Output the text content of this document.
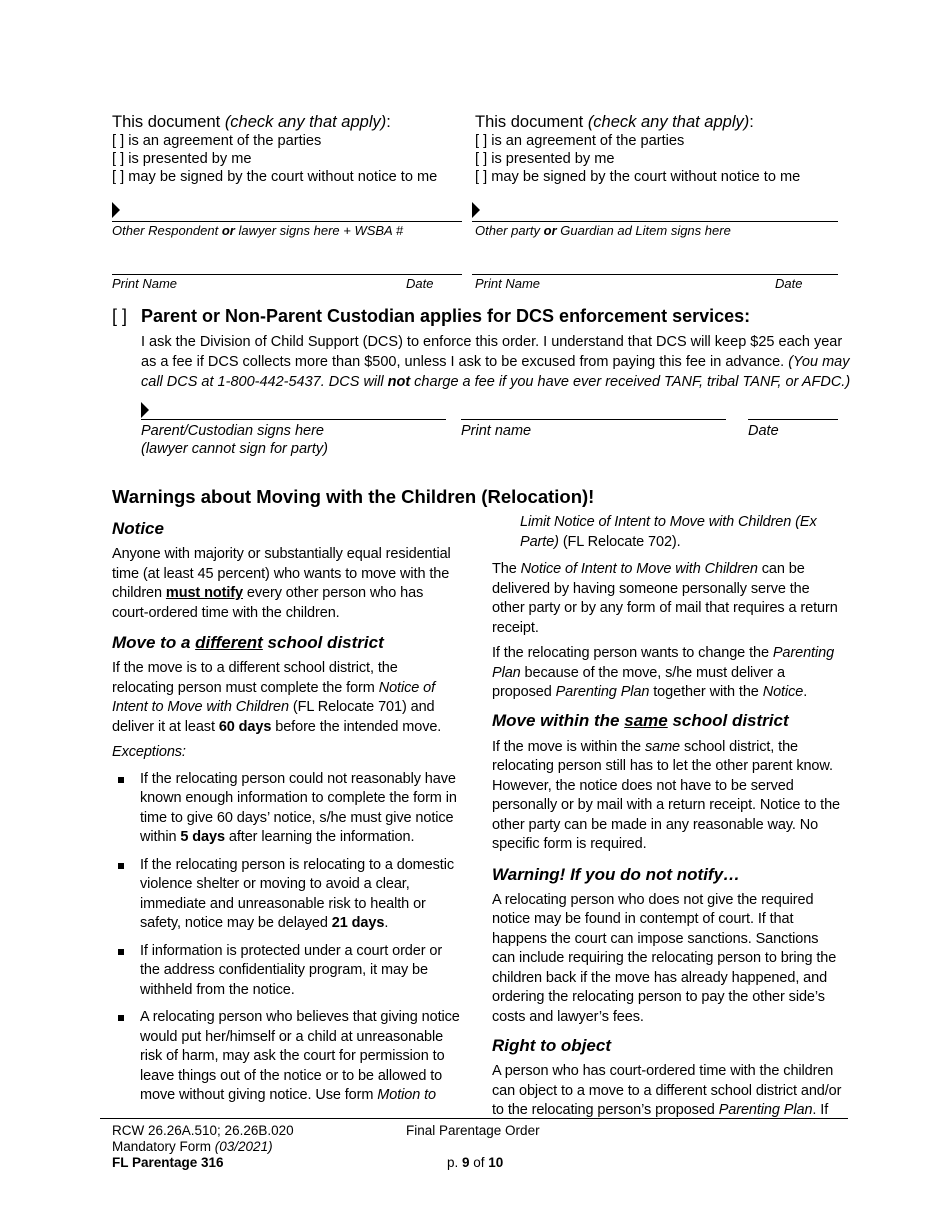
This document (check any that apply):
[ ] is an agreement of the parties
[ ] is presented by me
[ ] may be signed by the court without notice to me
Other Respondent or lawyer signs here + WSBA #
Print Name	Date
This document (check any that apply):
[ ] is an agreement of the parties
[ ] is presented by me
[ ] may be signed by the court without notice to me
Other party or Guardian ad Litem signs here
Print Name	Date
[ ] Parent or Non-Parent Custodian applies for DCS enforcement services:
I ask the Division of Child Support (DCS) to enforce this order. I understand that DCS will keep $25 each year
as a fee if DCS collects more than $500, unless I ask to be excused from paying this fee in advance. (You may
call DCS at 1-800-442-5437. DCS will not charge a fee if you have ever received TANF, tribal TANF, or AFDC.)
Parent/Custodian signs here
(lawyer cannot sign for party)
Print name	Date
Warnings about Moving with the Children (Relocation)!
Notice
Anyone with majority or substantially equal residential time (at least 45 percent) who wants to move with the children must notify every other person who has court-ordered time with the children.
Move to a different school district
If the move is to a different school district, the relocating person must complete the form Notice of Intent to Move with Children (FL Relocate 701) and deliver it at least 60 days before the intended move.
Exceptions:
If the relocating person could not reasonably have known enough information to complete the form in time to give 60 days’ notice, s/he must give notice within 5 days after learning the information.
If the relocating person is relocating to a domestic violence shelter or moving to avoid a clear, immediate and unreasonable risk to health or safety, notice may be delayed 21 days.
If information is protected under a court order or the address confidentiality program, it may be withheld from the notice.
A relocating person who believes that giving notice would put her/himself or a child at unreasonable risk of harm, may ask the court for permission to leave things out of the notice or to be allowed to move without giving notice. Use form Motion to
Limit Notice of Intent to Move with Children (Ex Parte) (FL Relocate 702).
The Notice of Intent to Move with Children can be delivered by having someone personally serve the other party or by any form of mail that requires a return receipt.
If the relocating person wants to change the Parenting Plan because of the move, s/he must deliver a proposed Parenting Plan together with the Notice.
Move within the same school district
If the move is within the same school district, the relocating person still has to let the other parent know. However, the notice does not have to be served personally or by mail with a return receipt. Notice to the other party can be made in any reasonable way. No specific form is required.
Warning! If you do not notify…
A relocating person who does not give the required notice may be found in contempt of court. If that happens the court can impose sanctions. Sanctions can include requiring the relocating person to bring the children back if the move has already happened, and ordering the relocating person to pay the other side’s costs and lawyer’s fees.
Right to object
A person who has court-ordered time with the children can object to a move to a different school district and/or to the relocating person’s proposed Parenting Plan. If
RCW 26.26A.510; 26.26B.020
Mandatory Form (03/2021)
FL Parentage 316
Final Parentage Order
p. 9 of 10
